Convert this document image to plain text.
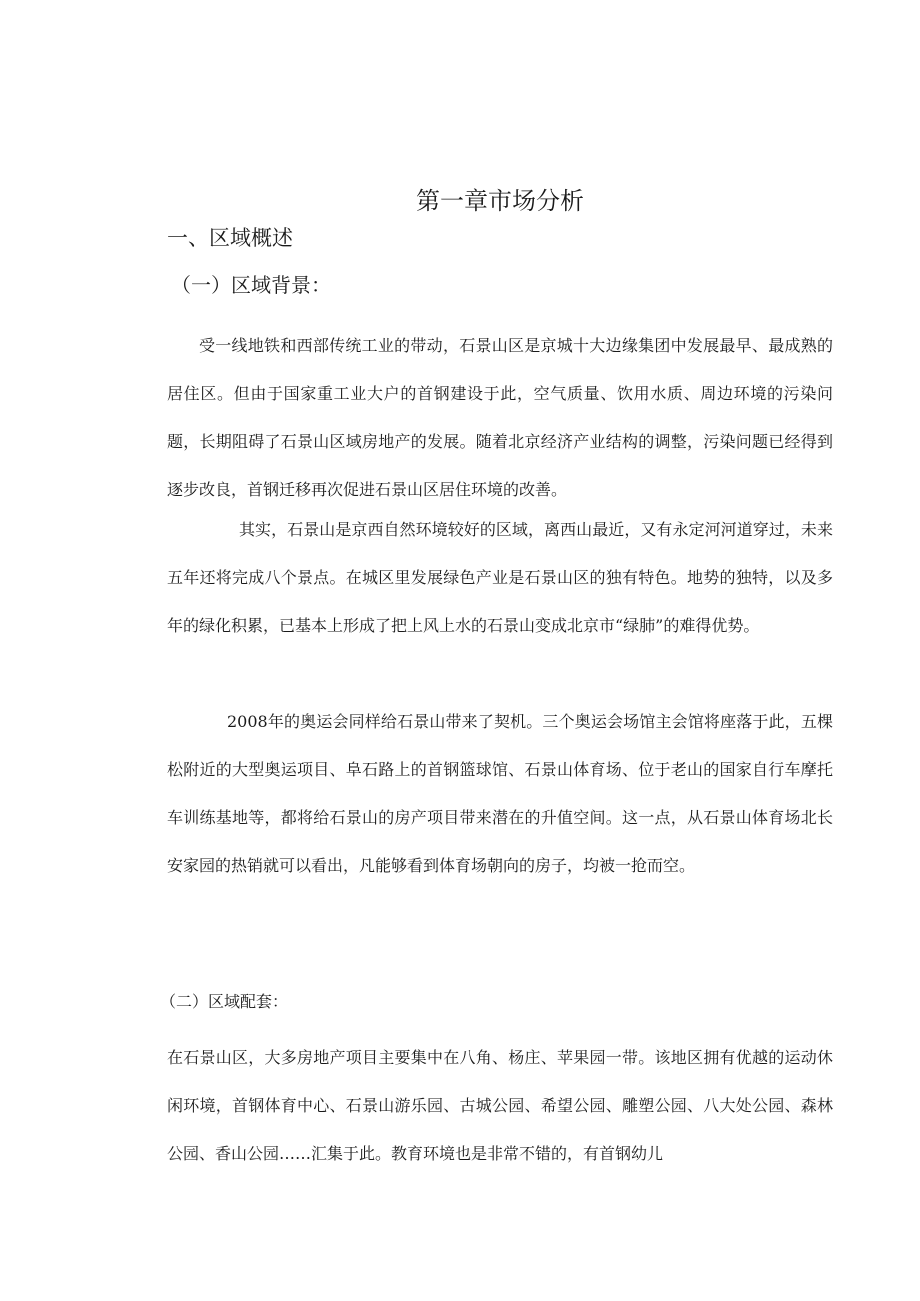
第一章市场分析
一、区域概述
（一）区域背景：

受一线地铁和西部传统工业的带动，石景山区是京城十大边缘集团中发展最早、最成熟的居住区。但由于国家重工业大户的首钢建设于此，空气质量、饮用水质、周边环境的污染问题，长期阻碍了石景山区域房地产的发展。随着北京经济产业结构的调整，污染问题已经得到逐步改良，首钢迁移再次促进石景山区居住环境的改善。

其实，石景山是京西自然环境较好的区域，离西山最近，又有永定河河道穿过，未来五年还将完成八个景点。在城区里发展绿色产业是石景山区的独有特色。地势的独特，以及多年的绿化积累，已基本上形成了把上风上水的石景山变成北京市“绿肺”的难得优势。

2008年的奥运会同样给石景山带来了契机。三个奥运会场馆主会馆将座落于此，五棵松附近的大型奥运项目、阜石路上的首钢篮球馆、石景山体育场、位于老山的国家自行车摩托车训练基地等，都将给石景山的房产项目带来潜在的升值空间。这一点，从石景山体育场北长安家园的热销就可以看出，凡能够看到体育场朝向的房子，均被一抢而空。

（二）区域配套：

在石景山区，大多房地产项目主要集中在八角、杨庄、苹果园一带。该地区拥有优越的运动休闲环境，首钢体育中心、石景山游乐园、古城公园、希望公园、雕塑公园、八大处公园、森林公园、香山公园……汇集于此。教育环境也是非常不错的，有首钢幼儿
